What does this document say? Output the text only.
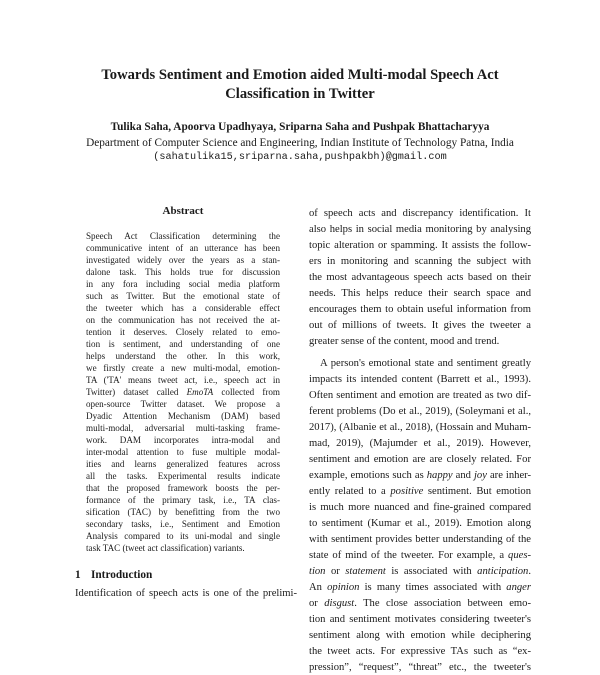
Towards Sentiment and Emotion aided Multi-modal Speech Act
Classification in Twitter
Tulika Saha, Apoorva Upadhyaya, Sriparna Saha and Pushpak Bhattacharyya
Department of Computer Science and Engineering, Indian Institute of Technology Patna, India
(sahatulika15,sriparna.saha,pushpakbh)@gmail.com
Abstract
Speech Act Classification determining the
communicative intent of an utterance has been
investigated widely over the years as a stan-
dalone task. This holds true for discussion
in any fora including social media platform
such as Twitter. But the emotional state of
the tweeter which has a considerable effect
on the communication has not received the at-
tention it deserves. Closely related to emo-
tion is sentiment, and understanding of one
helps understand the other. In this work,
we firstly create a new multi-modal, emotion-
TA ('TA' means tweet act, i.e., speech act in
Twitter) dataset called EmoTA collected from
open-source Twitter dataset. We propose a
Dyadic Attention Mechanism (DAM) based
multi-modal, adversarial multi-tasking frame-
work. DAM incorporates intra-modal and
inter-modal attention to fuse multiple modal-
ities and learns generalized features across
all the tasks. Experimental results indicate
that the proposed framework boosts the per-
formance of the primary task, i.e., TA clas-
sification (TAC) by benefitting from the two
secondary tasks, i.e., Sentiment and Emotion
Analysis compared to its uni-modal and single
task TAC (tweet act classification) variants.
1 Introduction
Identification of speech acts is one of the prelimi-
of speech acts and discrepancy identification. It
also helps in social media monitoring by analysing
topic alteration or spamming. It assists the follow-
ers in monitoring and scanning the subject with
the most advantageous speech acts based on their
needs. This helps reduce their search space and
encourages them to obtain useful information from
out of millions of tweets. It gives the tweeter a
greater sense of the content, mood and trend.
A person's emotional state and sentiment greatly
impacts its intended content (Barrett et al., 1993).
Often sentiment and emotion are treated as two dif-
ferent problems (Do et al., 2019), (Soleymani et al.,
2017), (Albanie et al., 2018), (Hossain and Muham-
mad, 2019), (Majumder et al., 2019). However,
sentiment and emotion are are closely related. For
example, emotions such as happy and joy are inher-
ently related to a positive sentiment. But emotion
is much more nuanced and fine-grained compared
to sentiment (Kumar et al., 2019). Emotion along
with sentiment provides better understanding of the
state of mind of the tweeter. For example, a ques-
tion or statement is associated with anticipation.
An opinion is many times associated with anger
or disgust. The close association between emo-
tion and sentiment motivates considering tweeter's
sentiment along with emotion while deciphering
the tweet acts. For expressive TAs such as “ex-
pression”, “request”, “threat” etc., the tweeter's
